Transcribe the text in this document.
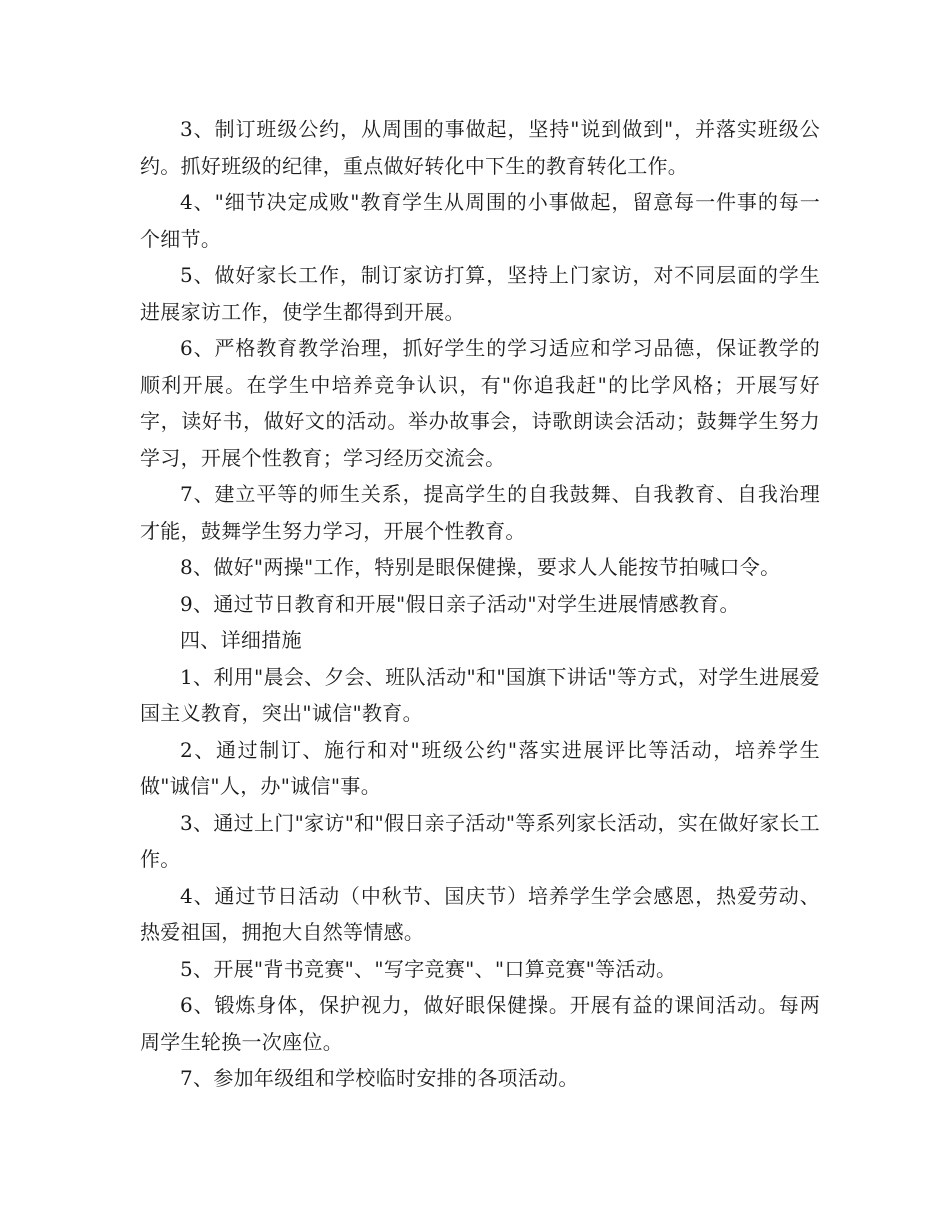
3、制订班级公约，从周围的事做起，坚持"说到做到"，并落实班级公约。抓好班级的纪律，重点做好转化中下生的教育转化工作。

4、"细节决定成败"教育学生从周围的小事做起，留意每一件事的每一个细节。

5、做好家长工作，制订家访打算，坚持上门家访，对不同层面的学生进展家访工作，使学生都得到开展。

6、严格教育教学治理，抓好学生的学习适应和学习品德，保证教学的顺利开展。在学生中培养竞争认识，有"你追我赶"的比学风格；开展写好字，读好书，做好文的活动。举办故事会，诗歌朗读会活动；鼓舞学生努力学习，开展个性教育；学习经历交流会。

7、建立平等的师生关系，提高学生的自我鼓舞、自我教育、自我治理才能，鼓舞学生努力学习，开展个性教育。

8、做好"两操"工作，特别是眼保健操，要求人人能按节拍喊口令。

9、通过节日教育和开展"假日亲子活动"对学生进展情感教育。

四、详细措施

1、利用"晨会、夕会、班队活动"和"国旗下讲话"等方式，对学生进展爱国主义教育，突出"诚信"教育。

2、通过制订、施行和对"班级公约"落实进展评比等活动，培养学生做"诚信"人，办"诚信"事。

3、通过上门"家访"和"假日亲子活动"等系列家长活动，实在做好家长工作。

4、通过节日活动（中秋节、国庆节）培养学生学会感恩，热爱劳动、热爱祖国，拥抱大自然等情感。

5、开展"背书竞赛"、"写字竞赛"、"口算竞赛"等活动。

6、锻炼身体，保护视力，做好眼保健操。开展有益的课间活动。每两周学生轮换一次座位。

7、参加年级组和学校临时安排的各项活动。
